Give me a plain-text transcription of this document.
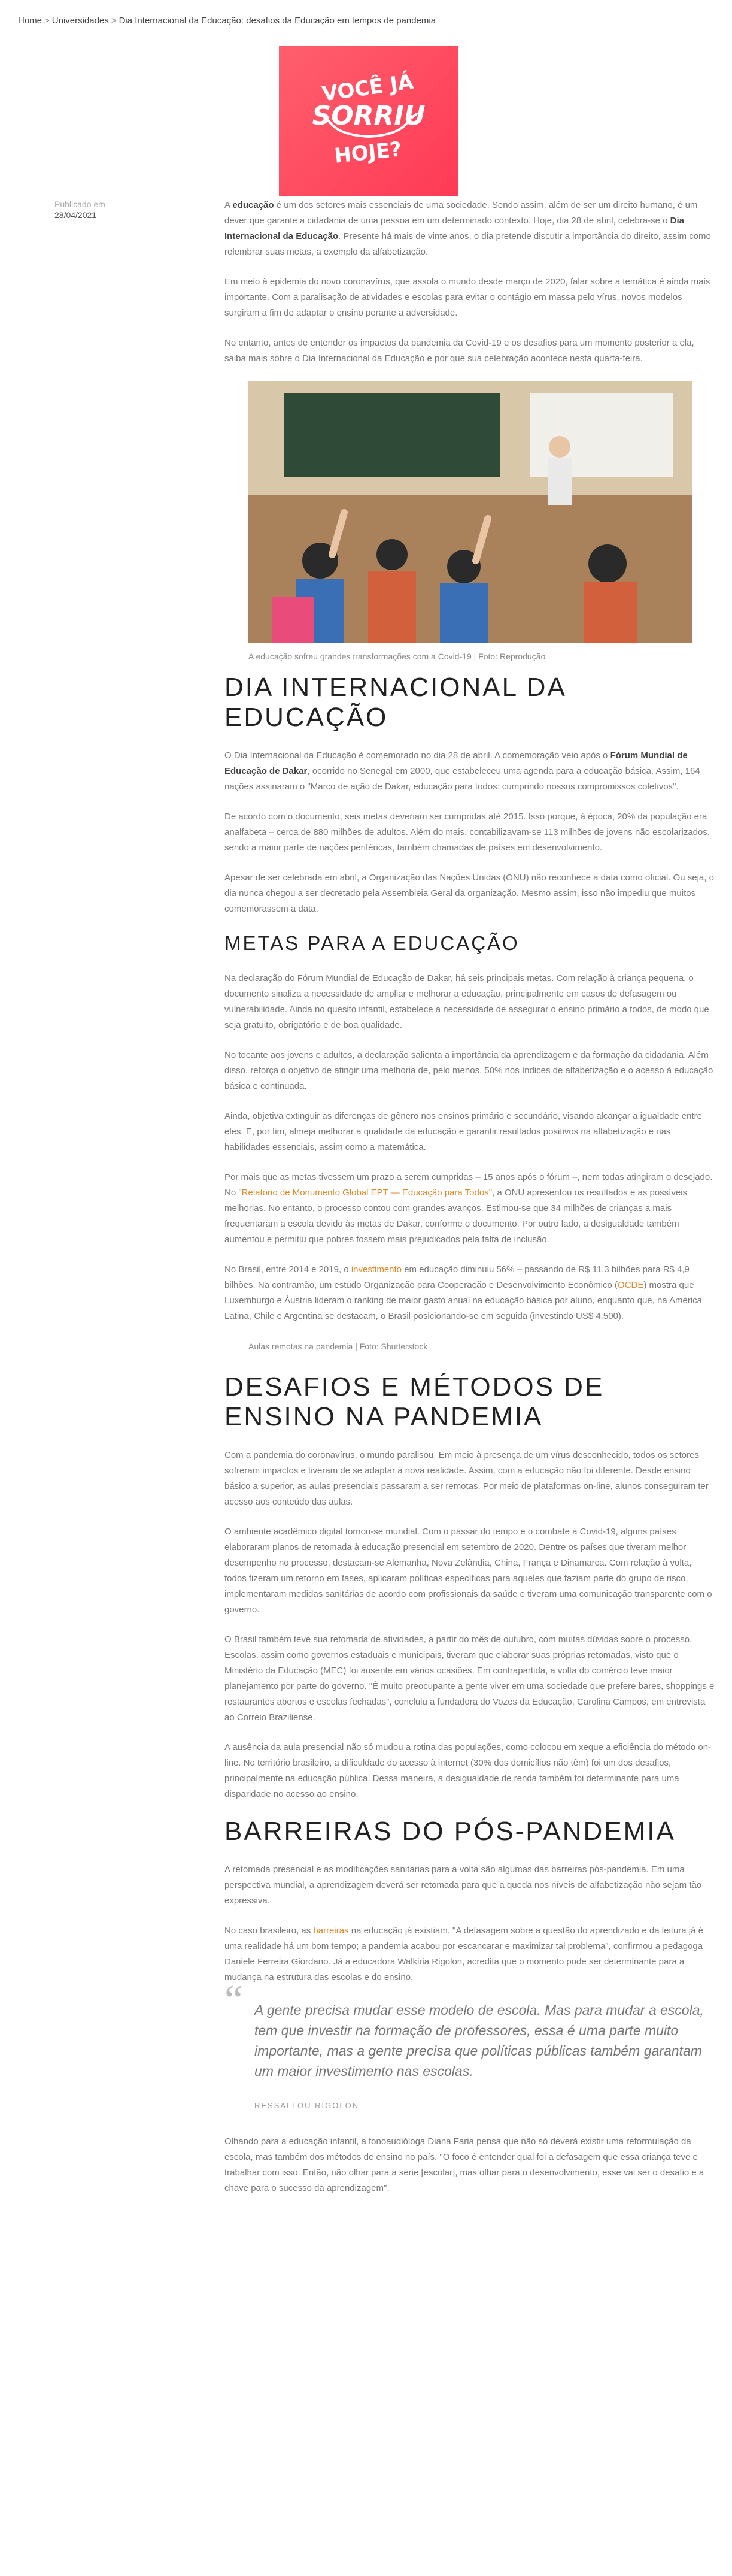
Home > Universidades > Dia Internacional da Educação: desafios da Educação em tempos de pandemia
VOCÊ JÁ
SORRIU
HOJE?
Publicado em
28/04/2021

A educação é um dos setores mais essenciais de uma sociedade. Sendo assim, além de ser um direito humano, é um dever que garante a cidadania de uma pessoa em um determinado contexto. Hoje, dia 28 de abril, celebra-se o Dia Internacional da Educação. Presente há mais de vinte anos, o dia pretende discutir a importância do direito, assim como relembrar suas metas, a exemplo da alfabetização.

Em meio à epidemia do novo coronavírus, que assola o mundo desde março de 2020, falar sobre a temática é ainda mais importante. Com a paralisação de atividades e escolas para evitar o contágio em massa pelo vírus, novos modelos surgiram a fim de adaptar o ensino perante a adversidade.

No entanto, antes de entender os impactos da pandemia da Covid-19 e os desafios para um momento posterior a ela, saiba mais sobre o Dia Internacional da Educação e por que sua celebração acontece nesta quarta-feira.

A educação sofreu grandes transformações com a Covid-19 | Foto: Reprodução
DIA INTERNACIONAL DA EDUCAÇÃO

O Dia Internacional da Educação é comemorado no dia 28 de abril. A comemoração veio após o Fórum Mundial de Educação de Dakar, ocorrido no Senegal em 2000, que estabeleceu uma agenda para a educação básica. Assim, 164 nações assinaram o "Marco de ação de Dakar, educação para todos: cumprindo nossos compromissos coletivos".

De acordo com o documento, seis metas deveriam ser cumpridas até 2015. Isso porque, à época, 20% da população era analfabeta – cerca de 880 milhões de adultos. Além do mais, contabilizavam-se 113 milhões de jovens não escolarizados, sendo a maior parte de nações periféricas, também chamadas de países em desenvolvimento.

Apesar de ser celebrada em abril, a Organização das Nações Unidas (ONU) não reconhece a data como oficial. Ou seja, o dia nunca chegou a ser decretado pela Assembleia Geral da organização. Mesmo assim, isso não impediu que muitos comemorassem a data.

METAS PARA A EDUCAÇÃO

Na declaração do Fórum Mundial de Educação de Dakar, há seis principais metas. Com relação à criança pequena, o documento sinaliza a necessidade de ampliar e melhorar a educação, principalmente em casos de defasagem ou vulnerabilidade. Ainda no quesito infantil, estabelece a necessidade de assegurar o ensino primário a todos, de modo que seja gratuito, obrigatório e de boa qualidade.

No tocante aos jovens e adultos, a declaração salienta a importância da aprendizagem e da formação da cidadania. Além disso, reforça o objetivo de atingir uma melhoria de, pelo menos, 50% nos índices de alfabetização e o acesso à educação básica e continuada.

Ainda, objetiva extinguir as diferenças de gênero nos ensinos primário e secundário, visando alcançar a igualdade entre eles. E, por fim, almeja melhorar a qualidade da educação e garantir resultados positivos na alfabetização e nas habilidades essenciais, assim como a matemática.

Por mais que as metas tivessem um prazo a serem cumpridas – 15 anos após o fórum –, nem todas atingiram o desejado. No "Relatório de Monumento Global EPT — Educação para Todos", a ONU apresentou os resultados e as possíveis melhorias. No entanto, o processo contou com grandes avanços. Estimou-se que 34 milhões de crianças a mais frequentaram a escola devido às metas de Dakar, conforme o documento. Por outro lado, a desigualdade também aumentou e permitiu que pobres fossem mais prejudicados pela falta de inclusão.

No Brasil, entre 2014 e 2019, o investimento em educação diminuiu 56% – passando de R$ 11,3 bilhões para R$ 4,9 bilhões. Na contramão, um estudo Organização para Cooperação e Desenvolvimento Econômico (OCDE) mostra que Luxemburgo e Áustria lideram o ranking de maior gasto anual na educação básica por aluno, enquanto que, na América Latina, Chile e Argentina se destacam, o Brasil posicionando-se em seguida (investindo US$ 4.500).

Aulas remotas na pandemia | Foto: Shutterstock
DESAFIOS E MÉTODOS DE ENSINO NA PANDEMIA

Com a pandemia do coronavírus, o mundo paralisou. Em meio à presença de um vírus desconhecido, todos os setores sofreram impactos e tiveram de se adaptar à nova realidade. Assim, com a educação não foi diferente. Desde ensino básico a superior, as aulas presenciais passaram a ser remotas. Por meio de plataformas on-line, alunos conseguiram ter acesso aos conteúdo das aulas.

O ambiente acadêmico digital tornou-se mundial. Com o passar do tempo e o combate à Covid-19, alguns países elaboraram planos de retomada à educação presencial em setembro de 2020. Dentre os países que tiveram melhor desempenho no processo, destacam-se Alemanha, Nova Zelândia, China, França e Dinamarca. Com relação à volta, todos fizeram um retorno em fases, aplicaram políticas específicas para aqueles que faziam parte do grupo de risco, implementaram medidas sanitárias de acordo com profissionais da saúde e tiveram uma comunicação transparente com o governo.

O Brasil também teve sua retomada de atividades, a partir do mês de outubro, com muitas dúvidas sobre o processo. Escolas, assim como governos estaduais e municipais, tiveram que elaborar suas próprias retomadas, visto que o Ministério da Educação (MEC) foi ausente em vários ocasiões. Em contrapartida, a volta do comércio teve maior planejamento por parte do governo. "É muito preocupante a gente viver em uma sociedade que prefere bares, shoppings e restaurantes abertos e escolas fechadas", concluiu a fundadora do Vozes da Educação, Carolina Campos, em entrevista ao Correio Braziliense.

A ausência da aula presencial não só mudou a rotina das populações, como colocou em xeque a eficiência do método on-line. No território brasileiro, a dificuldade do acesso à internet (30% dos domicílios não têm) foi um dos desafios, principalmente na educação pública. Dessa maneira, a desigualdade de renda também foi determinante para uma disparidade no acesso ao ensino.

BARREIRAS DO PÓS-PANDEMIA

A retomada presencial e as modificações sanitárias para a volta são algumas das barreiras pós-pandemia. Em uma perspectiva mundial, a aprendizagem deverá ser retomada para que a queda nos níveis de alfabetização não sejam tão expressiva.

No caso brasileiro, as barreiras na educação já existiam. "A defasagem sobre a questão do aprendizado e da leitura já é uma realidade há um bom tempo; a pandemia acabou por escancarar e maximizar tal problema", confirmou a pedagoga Daniele Ferreira Giordano. Já a educadora Walkiria Rigolon, acredita que o momento pode ser determinante para a mudança na estrutura das escolas e do ensino.

“ A gente precisa mudar esse modelo de escola. Mas para mudar a escola, tem que investir na formação de professores, essa é uma parte muito importante, mas a gente precisa que políticas públicas também garantam um maior investimento nas escolas.
RESSALTOU RIGOLON

Olhando para a educação infantil, a fonoaudióloga Diana Faria pensa que não só deverá existir uma reformulação da escola, mas também dos métodos de ensino no país. "O foco é entender qual foi a defasagem que essa criança teve e trabalhar com isso. Então, não olhar para a série [escolar], mas olhar para o desenvolvimento, esse vai ser o desafio e a chave para o sucesso da aprendizagem".
